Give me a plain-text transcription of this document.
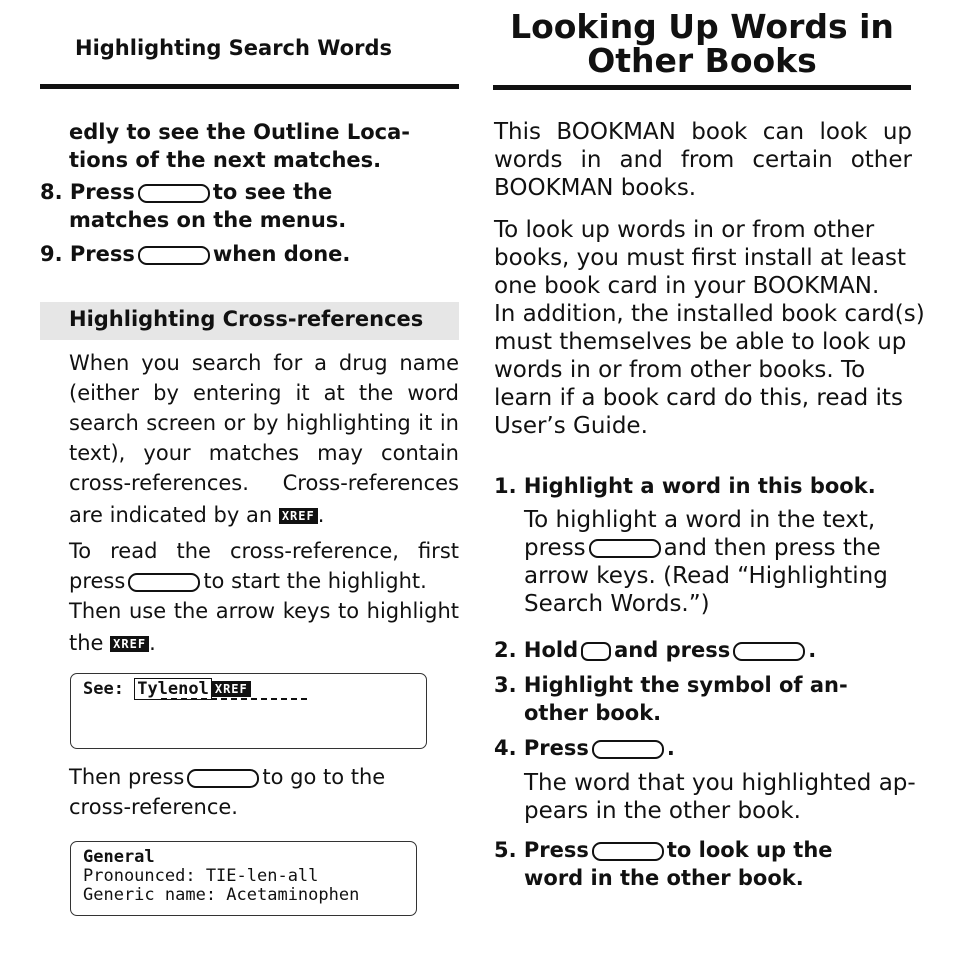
Highlighting Search Words
edly to see the Outline Loca-
tions of the next matches.
8. Press	to see the
matches on the menus.
9. Press	when done.
Highlighting Cross-references
When you search for a drug name
(either by entering it at the word
search screen or by highlighting it in
text), your matches may contain
cross-references. Cross-references
are indicated by an XREF .
To read the cross-reference, first
press	to start the highlight.
Then use the arrow keys to highlight
the XREF .
See: Tylenol XREF
Then press	to go to the
cross-reference.
General
Pronounced: TIE-len-all
Generic name: Acetaminophen
Looking Up Words in
Other Books
This BOOKMAN book can look up
words in and from certain other
BOOKMAN books.
To look up words in or from other
books, you must first install at least
one book card in your BOOKMAN.
In addition, the installed book card(s)
must themselves be able to look up
words in or from other books. To
learn if a book card do this, read its
User’s Guide.
1. Highlight a word in this book.
To highlight a word in the text,
press	and then press the
arrow keys. (Read “Highlighting
Search Words.”)
2. Hold and press	.
3. Highlight the symbol of an-
other book.
4. Press	.
The word that you highlighted ap-
pears in the other book.
5. Press	to look up the
word in the other book.
